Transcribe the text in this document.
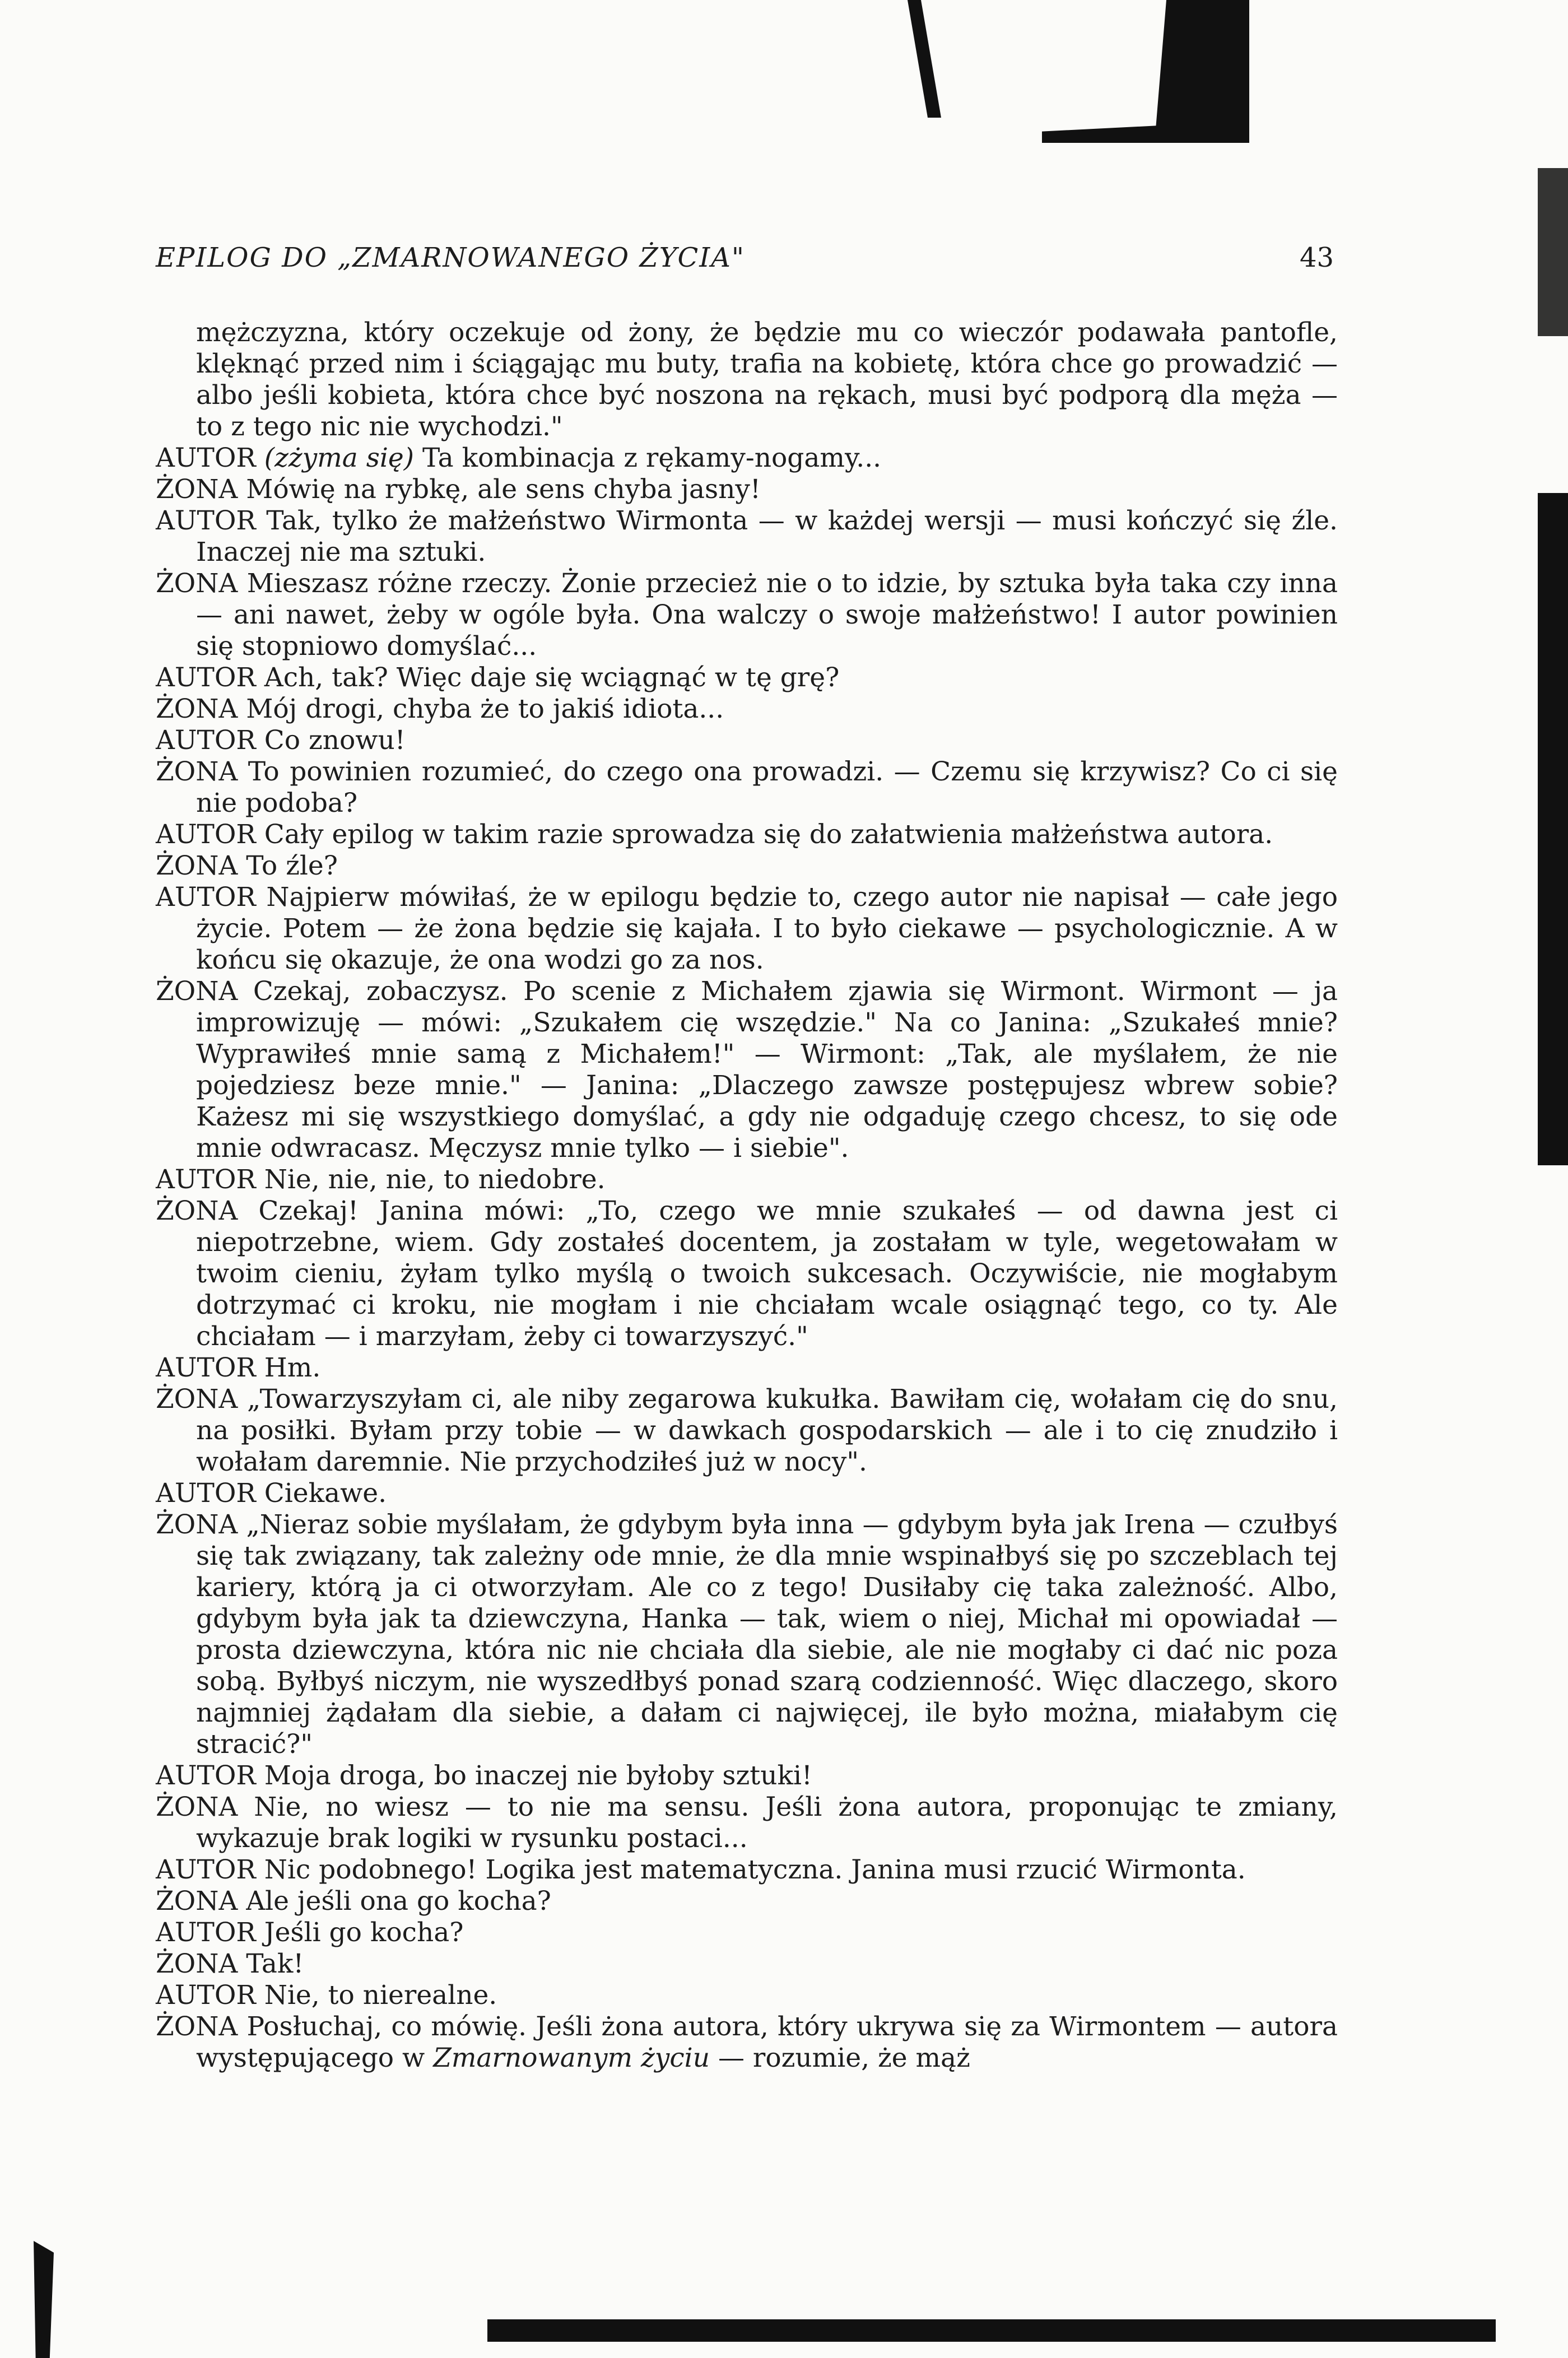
EPILOG DO „ZMARNOWANEGO ŻYCIA"	43

mężczyzna, który oczekuje od żony, że będzie mu co wieczór podawała pantofle, klęknąć przed nim i ściągając mu buty, trafia na kobietę, która chce go prowadzić — albo jeśli kobieta, która chce być noszona na rękach, musi być podporą dla męża — to z tego nic nie wychodzi."

AUTOR (zżyma się) Ta kombinacja z rękamy-nogamy...

ŻONA Mówię na rybkę, ale sens chyba jasny!

AUTOR Tak, tylko że małżeństwo Wirmonta — w każdej wersji — musi kończyć się źle. Inaczej nie ma sztuki.

ŻONA Mieszasz różne rzeczy. Żonie przecież nie o to idzie, by sztuka była taka czy inna — ani nawet, żeby w ogóle była. Ona walczy o swoje małżeństwo! I autor powinien się stopniowo domyślać...

AUTOR Ach, tak? Więc daje się wciągnąć w tę grę?

ŻONA Mój drogi, chyba że to jakiś idiota...

AUTOR Co znowu!

ŻONA To powinien rozumieć, do czego ona prowadzi. — Czemu się krzywisz? Co ci się nie podoba?

AUTOR Cały epilog w takim razie sprowadza się do załatwienia małżeństwa autora.

ŻONA To źle?

AUTOR Najpierw mówiłaś, że w epilogu będzie to, czego autor nie napisał — całe jego życie. Potem — że żona będzie się kajała. I to było ciekawe — psychologicznie. A w końcu się okazuje, że ona wodzi go za nos.

ŻONA Czekaj, zobaczysz. Po scenie z Michałem zjawia się Wirmont. Wirmont — ja improwizuję — mówi: „Szukałem cię wszędzie." Na co Janina: „Szukałeś mnie? Wyprawiłeś mnie samą z Michałem!" — Wirmont: „Tak, ale myślałem, że nie pojedziesz beze mnie." — Janina: „Dlaczego zawsze postępujesz wbrew sobie? Każesz mi się wszystkiego domyślać, a gdy nie odgaduję czego chcesz, to się ode mnie odwracasz. Męczysz mnie tylko — i siebie".

AUTOR Nie, nie, nie, to niedobre.

ŻONA Czekaj! Janina mówi: „To, czego we mnie szukałeś — od dawna jest ci niepotrzebne, wiem. Gdy zostałeś docentem, ja zostałam w tyle, wegetowałam w twoim cieniu, żyłam tylko myślą o twoich sukcesach. Oczywiście, nie mogłabym dotrzymać ci kroku, nie mogłam i nie chciałam wcale osiągnąć tego, co ty. Ale chciałam — i marzyłam, żeby ci towarzyszyć."

AUTOR Hm.

ŻONA „Towarzyszyłam ci, ale niby zegarowa kukułka. Bawiłam cię, wołałam cię do snu, na posiłki. Byłam przy tobie — w dawkach gospodarskich — ale i to cię znudziło i wołałam daremnie. Nie przychodziłeś już w nocy".

AUTOR Ciekawe.

ŻONA „Nieraz sobie myślałam, że gdybym była inna — gdybym była jak Irena — czułbyś się tak związany, tak zależny ode mnie, że dla mnie wspinałbyś się po szczeblach tej kariery, którą ja ci otworzyłam. Ale co z tego! Dusiłaby cię taka zależność. Albo, gdybym była jak ta dziewczyna, Hanka — tak, wiem o niej, Michał mi opowiadał — prosta dziewczyna, która nic nie chciała dla siebie, ale nie mogłaby ci dać nic poza sobą. Byłbyś niczym, nie wyszedłbyś ponad szarą codzienność. Więc dlaczego, skoro najmniej żądałam dla siebie, a dałam ci najwięcej, ile było można, miałabym cię stracić?"

AUTOR Moja droga, bo inaczej nie byłoby sztuki!

ŻONA Nie, no wiesz — to nie ma sensu. Jeśli żona autora, proponując te zmiany, wykazuje brak logiki w rysunku postaci...

AUTOR Nic podobnego! Logika jest matematyczna. Janina musi rzucić Wirmonta.

ŻONA Ale jeśli ona go kocha?

AUTOR Jeśli go kocha?

ŻONA Tak!

AUTOR Nie, to nierealne.

ŻONA Posłuchaj, co mówię. Jeśli żona autora, który ukrywa się za Wirmontem — autora występującego w Zmarnowanym życiu — rozumie, że mąż
